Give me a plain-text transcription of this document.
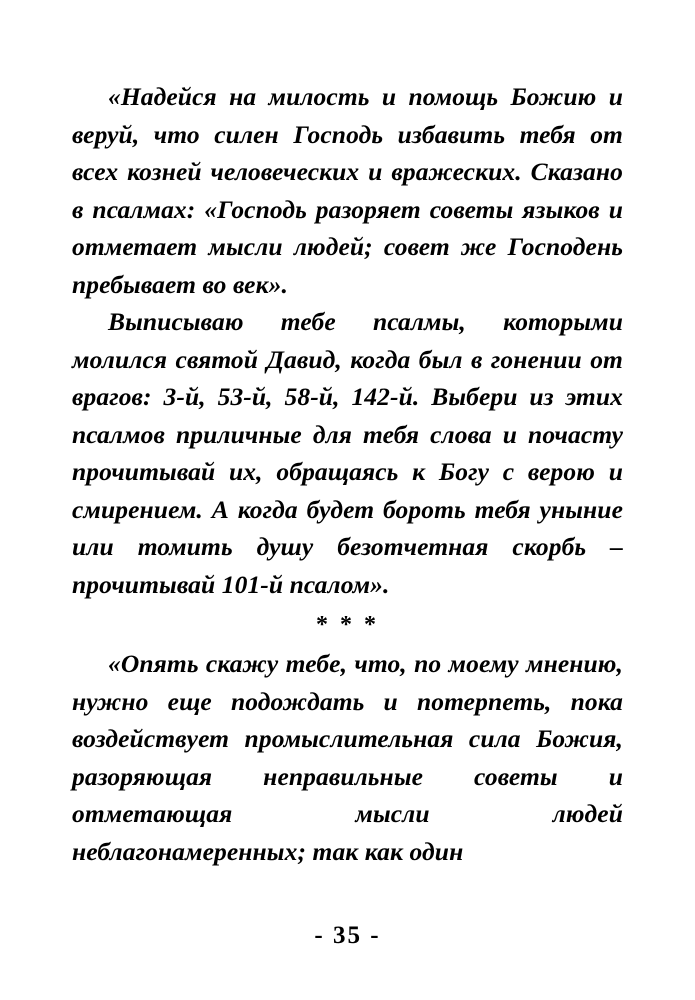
«Надейся на милость и помощь Божию и веруй, что силен Господь избавить тебя от всех козней человеческих и вражеских. Сказано в псалмах: «Господь разоряет советы языков и отметает мысли людей; совет же Господень пребывает во век».

Выписываю тебе псалмы, которыми молился святой Давид, когда был в гонении от врагов: 3-й, 53-й, 58-й, 142-й. Выбери из этих псалмов приличные для тебя слова и почасту прочитывай их, обращаясь к Богу с верою и смирением. А когда будет бороть тебя уныние или томить душу безотчетная скорбь – прочитывай 101-й псалом».

* * *

«Опять скажу тебе, что, по моему мнению, нужно еще подождать и потерпеть, пока воздействует промыслительная сила Божия, разоряющая неправильные советы и отметающая мысли людей неблагонамеренных; так как один

- 35 -
